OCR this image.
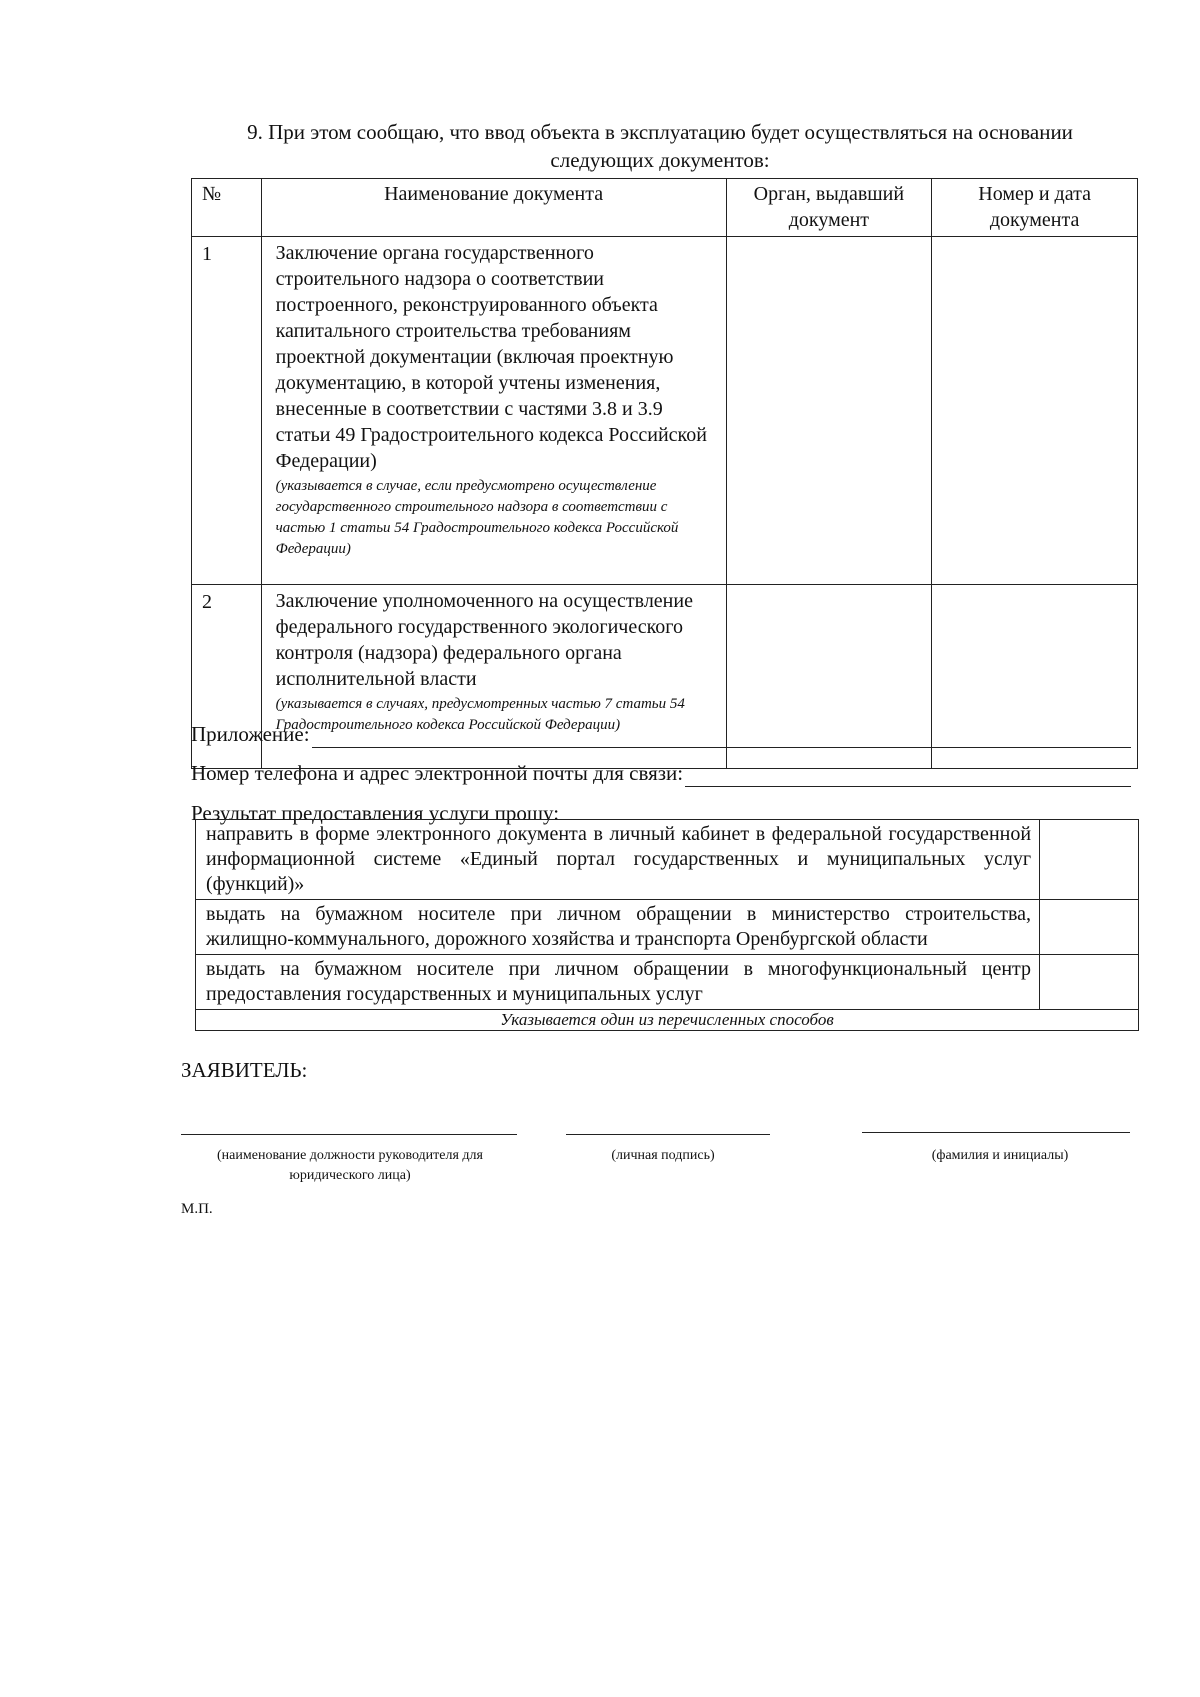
9. При этом сообщаю, что ввод объекта в эксплуатацию будет осуществляться на основании
следующих документов:
№	Наименование документа	Орган, выдавший документ	Номер и дата документа
1	Заключение органа государственного строительного надзора о соответствии построенного, реконструированного объекта капитального строительства требованиям проектной документации (включая проектную документацию, в которой учтены изменения, внесенные в соответствии с частями 3.8 и 3.9 статьи 49 Градостроительного кодекса Российской Федерации)
(указывается в случае, если предусмотрено осуществление государственного строительного надзора в соответствии с частью 1 статьи 54 Градостроительного кодекса Российской Федерации)		

2	Заключение уполномоченного на осуществление федерального государственного экологического контроля (надзора) федерального органа исполнительной власти
(указывается в случаях, предусмотренных частью 7 статьи 54 Градостроительного кодекса Российской Федерации)		

Приложение:
Номер телефона и адрес электронной почты для связи:
Результат предоставления услуги прошу:
направить в форме электронного документа в личный кабинет в федеральной государственной информационной системе «Единый портал государственных и муниципальных услуг (функций)»	
выдать на бумажном носителе при личном обращении в министерство строительства, жилищно-коммунального, дорожного хозяйства и транспорта Оренбургской области	
выдать на бумажном носителе при личном обращении в многофункциональный центр предоставления государственных и муниципальных услуг	
Указывается один из перечисленных способов	
ЗАЯВИТЕЛЬ:
(наименование должности руководителя для юридического лица)
(личная подпись)	(фамилия и инициалы)
М.П.
